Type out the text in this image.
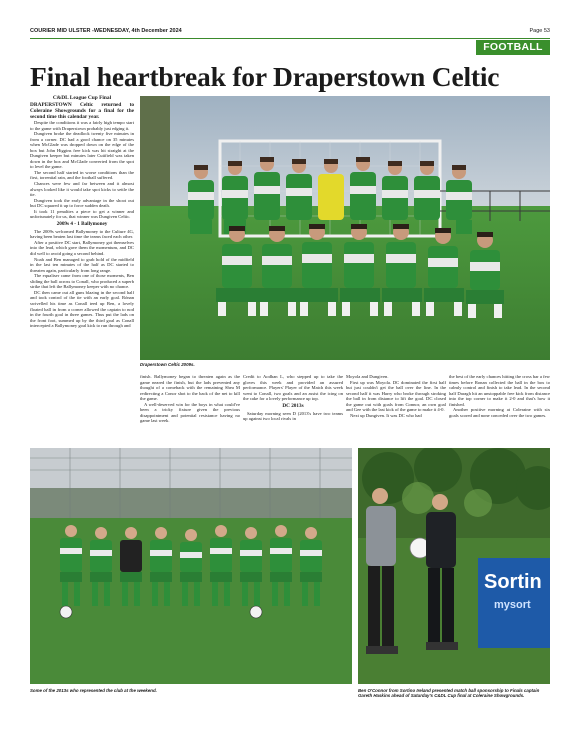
COURIER MID ULSTER -WEDNESDAY, 4th December 2024	Page 53
FOOTBALL
Final heartbreak for Draperstown Celtic

C&DL League Cup Final

DRAPERSTOWN Celtic returned to Coleraine Showgrounds for a final for the second time this calendar year.

Despite the conditions it was a fairly high tempo start to the game with Draperstown probably just edging it.

Dungiven broke the deadlock twenty five minutes in from a corner. DC had a good chance on 35 minutes when McGlade was dropped down on the edge of the box but John Higgins free kick was hit straight at the Dungiven keeper but minutes later Cutifield was taken down in the box and McGlade converted from the spot to level the game.

The second half started in worse conditions than the first, torrential rain, and the football suffered.

Chances were few and far between and it almost always looked like it would take spot kicks to settle the tie.

Dungiven took the early advantage in the shoot out but DC squared it up to force sudden death.

It took 11 penalties a piece to get a winner and unfortunately for us, that winner was Dungiven Celtic.

2009s 4 - 1 Ballymoney

The 2009s welcomed Ballymoney to the Culture 4G, having been beaten last time the teams faced each other.

After a positive DC start, Ballymoney got themselves into the lead, which gave them the momentum, and DC did well to avoid going a second behind.

Noah and Ben managed to grab hold of the midfield in the last ten minutes of the half as DC started to threaten again, particularly from long range.

The equaliser came from one of those moments, Ben sliding the ball across to Conall, who produced a superb strike that left the Ballymoney keeper with no chance.

DC then came out all guns blazing in the second half and took control of the tie with an early goal. Rónan swivelled his time as Conall teed up Ben, a lovely floated ball in from a corner allowed the captain to nod in the fourth goal in three games. Thus put the lads on the front foot, summed up by the third goal as Conall intercepted a Ballymoney goal kick to run through and

Draperstown Celtic 2009s.

finish. Ballymoney began to threaten again as the game neared the finish, but the lads prevented any thought of a comeback with the remaining Shea M redirecting a Conor shot to the back of the net to kill the game.

A well-deserved win for the boys in what could've been a tricky fixture given the previous disappointment and potential resistance having no game last week.

Credit to Aodhan L, who stepped up to take the gloves this week and provided an assured performance. Players' Player of the Match this week went to Conall, two goals and an assist the icing on the cake for a lovely performance up top.

DC 2013s

Saturday morning seen D (2013's have two teams up against two local rivals in

Moyola and Dungiven.

First up was Moyola. DC dominated the first half but just couldn't get the ball over the line. In the second half it was Harry who broke through stroking the ball in from distance to lift the goal. DC closed the game out with goals from Connor, an own goal and Gee with the last kick of the game to make it 4-0.

Next up Dungiven. It was DC who had

the best of the early chances hitting the cross bar a few times before Ronan collected the ball in the box to calmly control and finish to take lead. In the second half Daragh hit an unstoppable free kick from distance into the top corner to make it 2-0 and that's how it finished.

Another positive morning at Coleraine with six goals scored and none conceded over the two games.

Some of the 2013s who represented the club at the weekend.
Sortin
mysort
Ben O'Connor from Sortino Ireland presented match ball sponsorship to Finals captain Gareth Haskins ahead of Saturday's C&DL Cup final at Coleraine Showgrounds.
